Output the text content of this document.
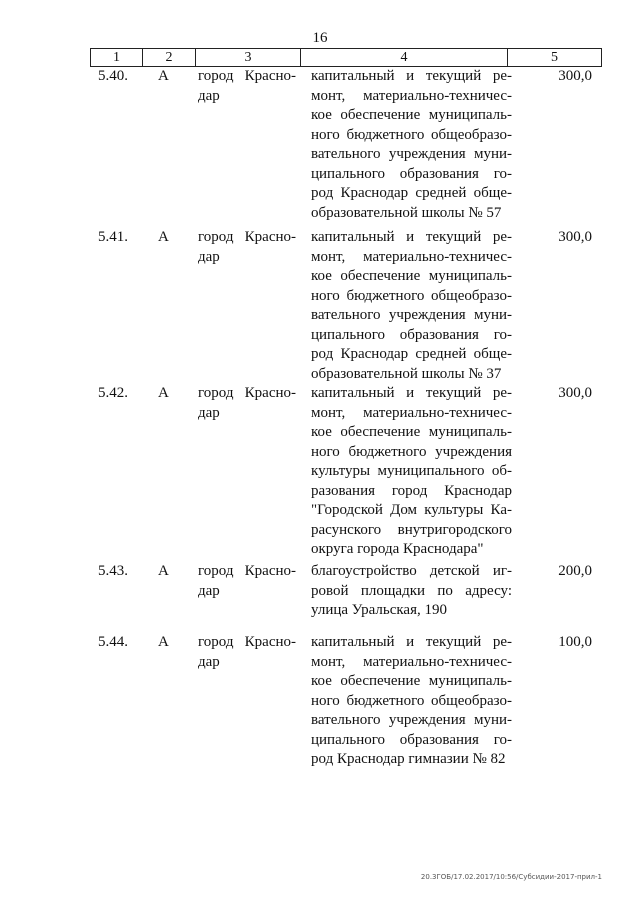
16
1	2	3	4	5
5.40.	А	город Красно-
дар
капитальный и текущий ре-
монт, материально-техничес-
кое обеспечение муниципаль-
ного бюджетного общеобразо-
вательного учреждения муни-
ципального образования го-
род Краснодар средней обще-
образовательной школы № 57
300,0
5.41.	А	город Красно-
дар
капитальный и текущий ре-
монт, материально-техничес-
кое обеспечение муниципаль-
ного бюджетного общеобразо-
вательного учреждения муни-
ципального образования го-
род Краснодар средней обще-
образовательной школы № 37
300,0
5.42.	А	город Красно-
дар
капитальный и текущий ре-
монт, материально-техничес-
кое обеспечение муниципаль-
ного бюджетного учреждения
культуры муниципального об-
разования город Краснодар
"Городской Дом культуры Ка-
расунского внутригородского
округа города Краснодара"
300,0
5.43.	А	город Красно-
дар
благоустройство детской иг-
ровой площадки по адресу:
улица Уральская, 190
200,0
5.44.	А	город Красно-
дар
капитальный и текущий ре-
монт, материально-техничес-
кое обеспечение муниципаль-
ного бюджетного общеобразо-
вательного учреждения муни-
ципального образования го-
род Краснодар гимназии № 82
100,0
20.3ГОБ/17.02.2017/10:56/Субсидии-2017-прил-1
